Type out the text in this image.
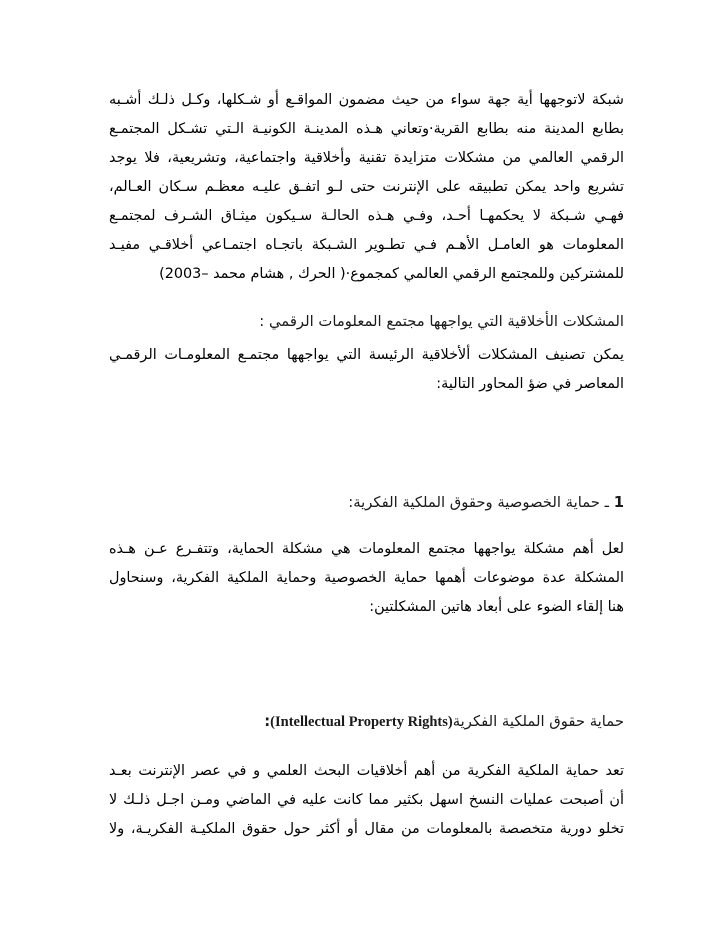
شبكة لاتوجهها أية جهة سواء من حيث مضمون المواقـع أو شـكلها، وكـل ذلـك أشـبه
بطابع المدينة منه بطابع القرية·وتعاني هـذه المدينـة الكونيـة الـتي تشـكل المجتمـع
الرقمي العالمي من مشكلات متزايدة تقنية وأخلاقية واجتماعية، وتشريعية، فلا يوجد
تشريع واحد يمكن تطبيقه على الإنترنت حتى لـو اتفـق عليـه معظـم سـكان العـالم،
فهـي شـبكة لا يحكمهـا أحـد، وفـي هـذه الحالـة سـيكون ميثـاق الشـرف لمجتمـع
المعلومات هو العامـل الأهـم فـي تطـوير الشـبكة باتجـاه اجتمـاعي أخلاقـي مفيـد
للمشتركين وللمجتمع الرقمي العالمي كمجموع·( الحرك , هشام محمد –2003)
المشكلات الأخلاقية التي يواجهها مجتمع المعلومات الرقمي :
يمكن تصنيف المشكلات ألأخلاقية الرئيسة التي يواجهها مجتمـع المعلومـات الرقمـي
المعاصر في ضؤ المحاور التالية:
1 ـ حماية الخصوصية وحقوق الملكية الفكرية:
لعل أهم مشكلة يواجهها مجتمع المعلومات هي مشكلة الحماية، وتتفـرع عـن هـذه
المشكلة عدة موضوعات أهمها حماية الخصوصية وحماية الملكية الفكرية، وسنحاول
هنا إلقاء الضوء على أبعاد هاتين المشكلتين:
حماية حقوق الملكية الفكرية(Intellectual Property Rights):
تعد حماية الملكية الفكرية من أهم أخلاقيات البحث العلمي و في عصر الإنترنت بعـد
أن أصبحت عمليات النسخ اسهل بكثير مما كانت عليه في الماضي ومـن اجـل ذلـك لا
تخلو دورية متخصصة بالمعلومات من مقال أو أكثر حول حقوق الملكيـة الفكريـة، ولا
